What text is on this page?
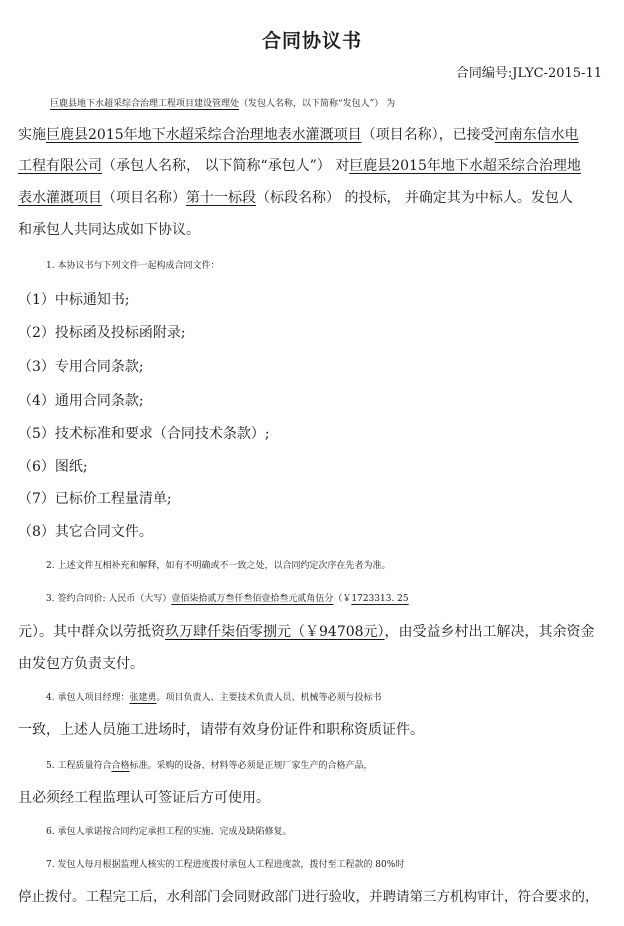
合同协议书
合同编号:JLYC-2015-11
巨鹿县地下水超采综合治理工程项目建设管理处（发包人名称，以下简称“发包人”） 为
实施巨鹿县2015年地下水超采综合治理地表水灌溉项目（项目名称），已接受河南东信水电
工程有限公司（承包人名称， 以下简称“承包人”） 对巨鹿县2015年地下水超采综合治理地
表水灌溉项目（项目名称）第十一标段（标段名称） 的投标， 并确定其为中标人。发包人
和承包人共同达成如下协议。
1. 本协议书与下列文件一起构成合同文件：
（1）中标通知书;
（2）投标函及投标函附录;
（3）专用合同条款;
（4）通用合同条款;
（5）技术标准和要求（合同技术条款）;
（6）图纸;
（7）已标价工程量清单;
（8）其它合同文件。
2. 上述文件互相补充和解释，如有不明确或不一致之处，以合同约定次序在先者为准。
3. 签约合同价: 人民币（大写）壹佰柒拾贰万叁仟叁佰壹拾叁元贰角伍分（￥1723313. 25
元）。其中群众以劳抵资玖万肆仟柒佰零捌元（￥94708元），由受益乡村出工解决，其余资金
由发包方负责支付。
4. 承包人项目经理：张建勇。项目负责人、主要技术负责人员、机械等必须与投标书
一致，上述人员施工进场时，请带有效身份证件和职称资质证件。
5. 工程质量符合合格标准。采购的设备、材料等必须是正规厂家生产的合格产品，
且必须经工程监理认可签证后方可使用。
6. 承包人承诺按合同约定承担工程的实施、完成及缺陷修复。
7. 发包人每月根据监理人核实的工程进度拨付承包人工程进度款，拨付至工程款的 80%时
停止拨付。工程完工后，水利部门会同财政部门进行验收，并聘请第三方机构审计，符合要求的，
